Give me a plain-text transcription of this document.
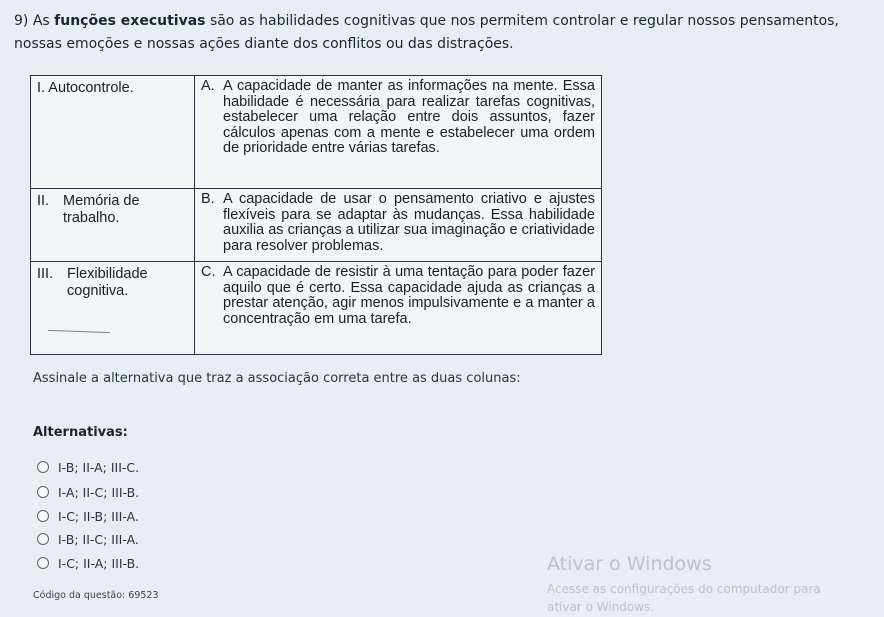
9) As funções executivas são as habilidades cognitivas que nos permitem controlar e regular nossos pensamentos, nossas emoções e nossas ações diante dos conflitos ou das distrações.
I. Autocontrole.	A. A capacidade de manter as informações na mente. Essa habilidade é necessária para realizar tarefas cognitivas, estabelecer uma relação entre dois assuntos, fazer cálculos apenas com a mente e estabelecer uma ordem de prioridade entre várias tarefas.
II. Memória de trabalho.
B. A capacidade de usar o pensamento criativo e ajustes flexíveis para se adaptar às mudanças. Essa habilidade auxilia as crianças a utilizar sua imaginação e criatividade para resolver problemas.
III. Flexibilidade cognitiva.
C. A capacidade de resistir à uma tentação para poder fazer aquilo que é certo. Essa capacidade ajuda as crianças a prestar atenção, agir menos impulsivamente e a manter a concentração em uma tarefa.
Assinale a alternativa que traz a associação correta entre as duas colunas:
Alternativas:
I-B; II-A; III-C.
I-A; II-C; III-B.
I-C; II-B; III-A.
I-B; II-C; III-A.
I-C; II-A; III-B.
Código da questão: 69523
Ativar o Windows
Acesse as configurações do computador para
ativar o Windows.
